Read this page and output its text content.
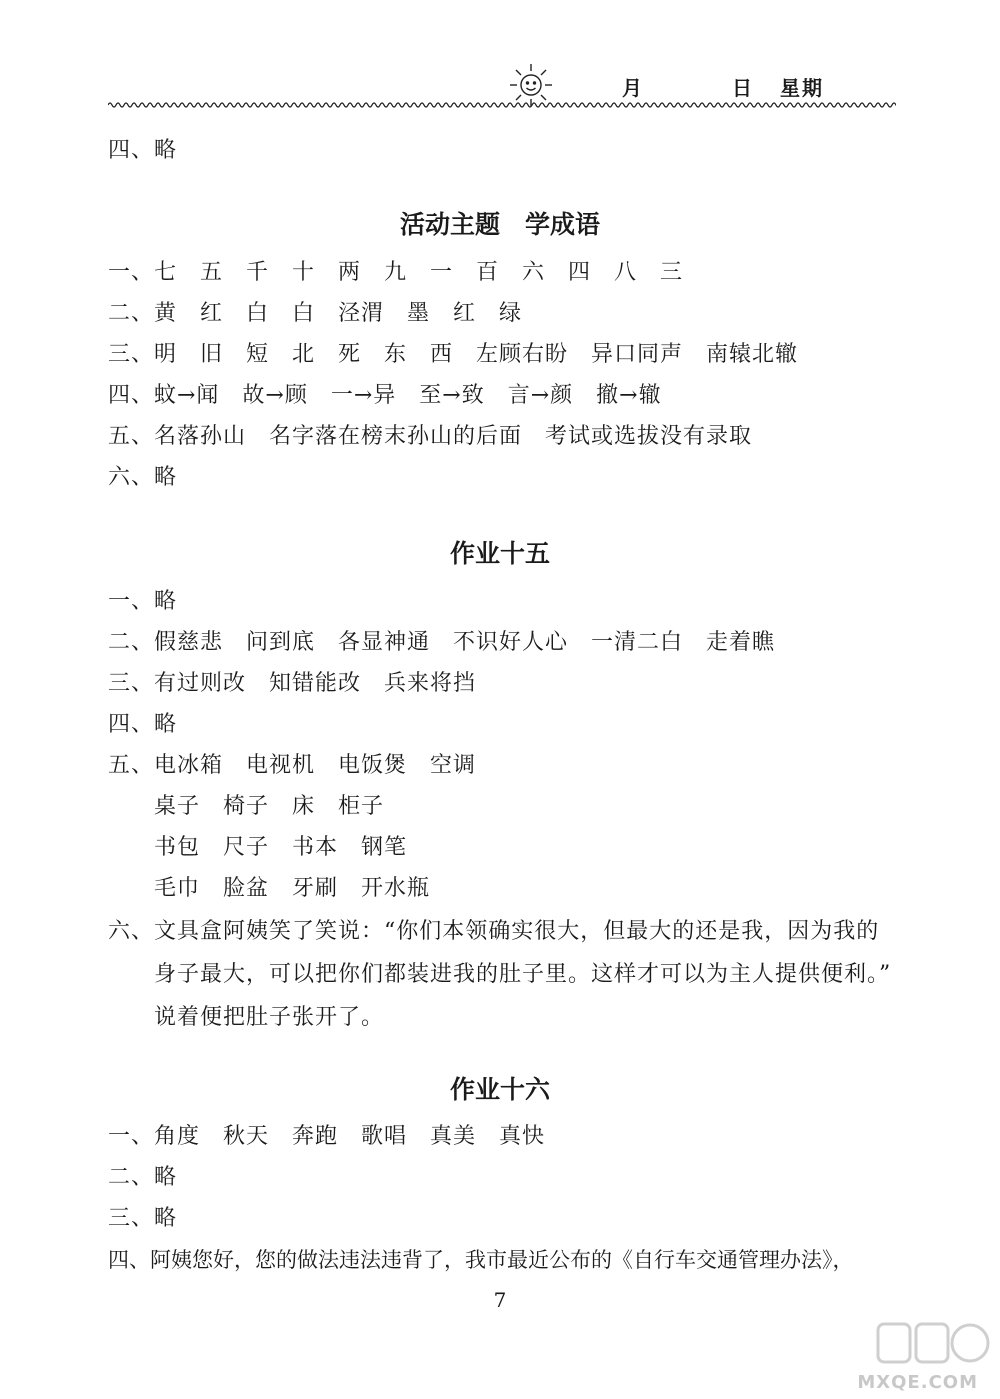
月	日 星期
四、略
活动主题　学成语
一、七　五　千　十　两　九　一　百　六　四　八　三
二、黄　红　白　白　泾渭　墨　红　绿
三、明　旧　短　北　死　东　西　左顾右盼　异口同声　南辕北辙
四、蚊→闻　故→顾　一→异　至→致　言→颜　撤→辙
五、名落孙山　名字落在榜末孙山的后面　考试或选拔没有录取
六、略
作业十五
一、略
二、假慈悲　问到底　各显神通　不识好人心　一清二白　走着瞧
三、有过则改　知错能改　兵来将挡
四、略
五、电冰箱　电视机　电饭煲　空调
桌子　椅子　床　柜子
书包　尺子　书本　钢笔
毛巾　脸盆　牙刷　开水瓶
六、文具盒阿姨笑了笑说：“你们本领确实很大，但最大的还是我，因为我的
身子最大，可以把你们都装进我的肚子里。这样才可以为主人提供便利。”
说着便把肚子张开了。
作业十六
一、角度　秋天　奔跑　歌唱　真美　真快
二、略
三、略
四、阿姨您好，您的做法违法违背了，我市最近公布的《自行车交通管理办法》，
7
MXQE.COM
